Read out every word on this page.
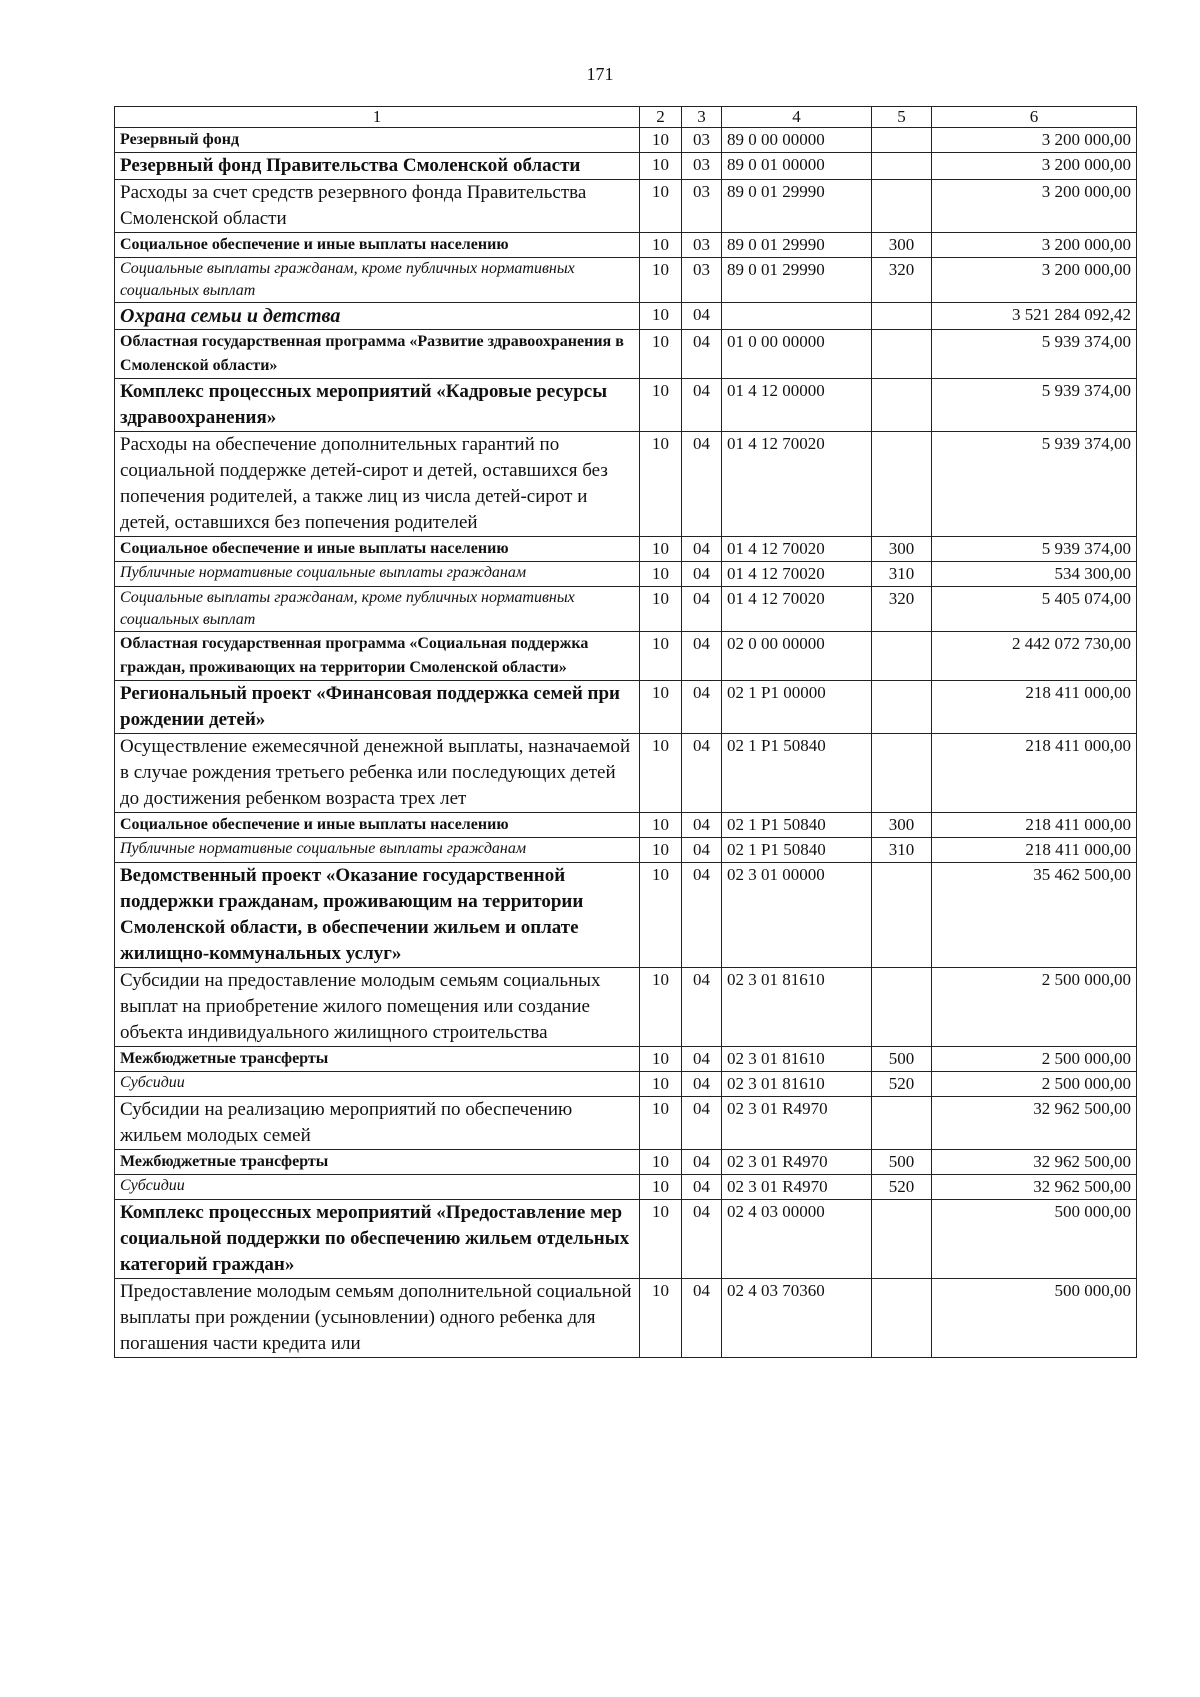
171
1	2	3	4	5	6
Резервный фонд	10	03	89 0 00 00000		3 200 000,00
Резервный фонд Правительства Смоленской области	10	03	89 0 01 00000		3 200 000,00
Расходы за счет средств резервного фонда Правительства Смоленской области	10	03	89 0 01 29990		3 200 000,00
Социальное обеспечение и иные выплаты населению	10	03	89 0 01 29990	300	3 200 000,00
Социальные выплаты гражданам, кроме публичных нормативных социальных выплат	10	03	89 0 01 29990	320	3 200 000,00
Охрана семьи и детства	10	04			3 521 284 092,42
Областная государственная программа «Развитие здравоохранения в Смоленской области»	10	04	01 0 00 00000		5 939 374,00
Комплекс процессных мероприятий «Кадровые ресурсы здравоохранения»	10	04	01 4 12 00000		5 939 374,00
Расходы на обеспечение дополнительных гарантий по социальной поддержке детей-сирот и детей, оставшихся без попечения родителей, а также лиц из числа детей-сирот и детей, оставшихся без попечения родителей	10	04	01 4 12 70020		5 939 374,00
Социальное обеспечение и иные выплаты населению	10	04	01 4 12 70020	300	5 939 374,00
Публичные нормативные социальные выплаты гражданам	10	04	01 4 12 70020	310	534 300,00
Социальные выплаты гражданам, кроме публичных нормативных социальных выплат	10	04	01 4 12 70020	320	5 405 074,00
Областная государственная программа «Социальная поддержка граждан, проживающих на территории Смоленской области»	10	04	02 0 00 00000		2 442 072 730,00
Региональный проект «Финансовая поддержка семей при рождении детей»	10	04	02 1 P1 00000		218 411 000,00
Осуществление ежемесячной денежной выплаты, назначаемой в случае рождения третьего ребенка или последующих детей до достижения ребенком возраста трех лет	10	04	02 1 P1 50840		218 411 000,00
Социальное обеспечение и иные выплаты населению	10	04	02 1 P1 50840	300	218 411 000,00
Публичные нормативные социальные выплаты гражданам	10	04	02 1 P1 50840	310	218 411 000,00
Ведомственный проект «Оказание государственной поддержки гражданам, проживающим на территории Смоленской области, в обеспечении жильем и оплате жилищно-коммунальных услуг»	10	04	02 3 01 00000		35 462 500,00
Субсидии на предоставление молодым семьям социальных выплат на приобретение жилого помещения или создание объекта индивидуального жилищного строительства	10	04	02 3 01 81610		2 500 000,00
Межбюджетные трансферты	10	04	02 3 01 81610	500	2 500 000,00
Субсидии	10	04	02 3 01 81610	520	2 500 000,00
Субсидии на реализацию мероприятий по обеспечению жильем молодых семей	10	04	02 3 01 R4970		32 962 500,00
Межбюджетные трансферты	10	04	02 3 01 R4970	500	32 962 500,00
Субсидии	10	04	02 3 01 R4970	520	32 962 500,00
Комплекс процессных мероприятий «Предоставление мер социальной поддержки по обеспечению жильем отдельных категорий граждан»	10	04	02 4 03 00000		500 000,00
Предоставление молодым семьям дополнительной социальной выплаты при рождении (усыновлении) одного ребенка для погашения части кредита или	10	04	02 4 03 70360		500 000,00
